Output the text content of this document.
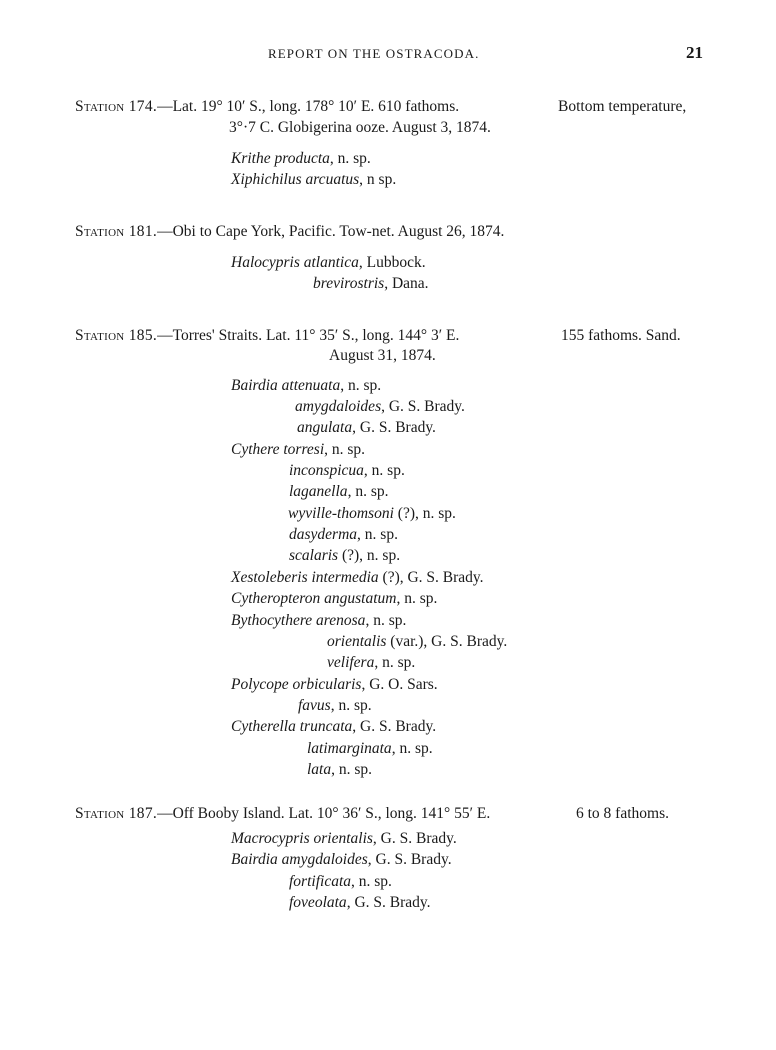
REPORT ON THE OSTRACODA.	21
Station 174.—Lat. 19° 10′ S., long. 178° 10′ E. 610 fathoms.	Bottom temperature,
3°·7 C. Globigerina ooze. August 3, 1874.
Krithe producta, n. sp.
Xiphichilus arcuatus, n sp.
Station 181.—Obi to Cape York, Pacific. Tow-net. August 26, 1874.
Halocypris atlantica, Lubbock.
brevirostris, Dana.
Station 185.—Torres' Straits. Lat. 11° 35′ S., long. 144° 3′ E.	155 fathoms. Sand.
August 31, 1874.
Bairdia attenuata, n. sp.
amygdaloides, G. S. Brady.
angulata, G. S. Brady.
Cythere torresi, n. sp.
inconspicua, n. sp.
laganella, n. sp.
wyville-thomsoni (?), n. sp.
dasyderma, n. sp.
scalaris (?), n. sp.
Xestoleberis intermedia (?), G. S. Brady.
Cytheropteron angustatum, n. sp.
Bythocythere arenosa, n. sp.
orientalis (var.), G. S. Brady.
velifera, n. sp.
Polycope orbicularis, G. O. Sars.
favus, n. sp.
Cytherella truncata, G. S. Brady.
latimarginata, n. sp.
lata, n. sp.
Station 187.—Off Booby Island. Lat. 10° 36′ S., long. 141° 55′ E.	6 to 8 fathoms.
Macrocypris orientalis, G. S. Brady.
Bairdia amygdaloides, G. S. Brady.
fortificata, n. sp.
foveolata, G. S. Brady.
